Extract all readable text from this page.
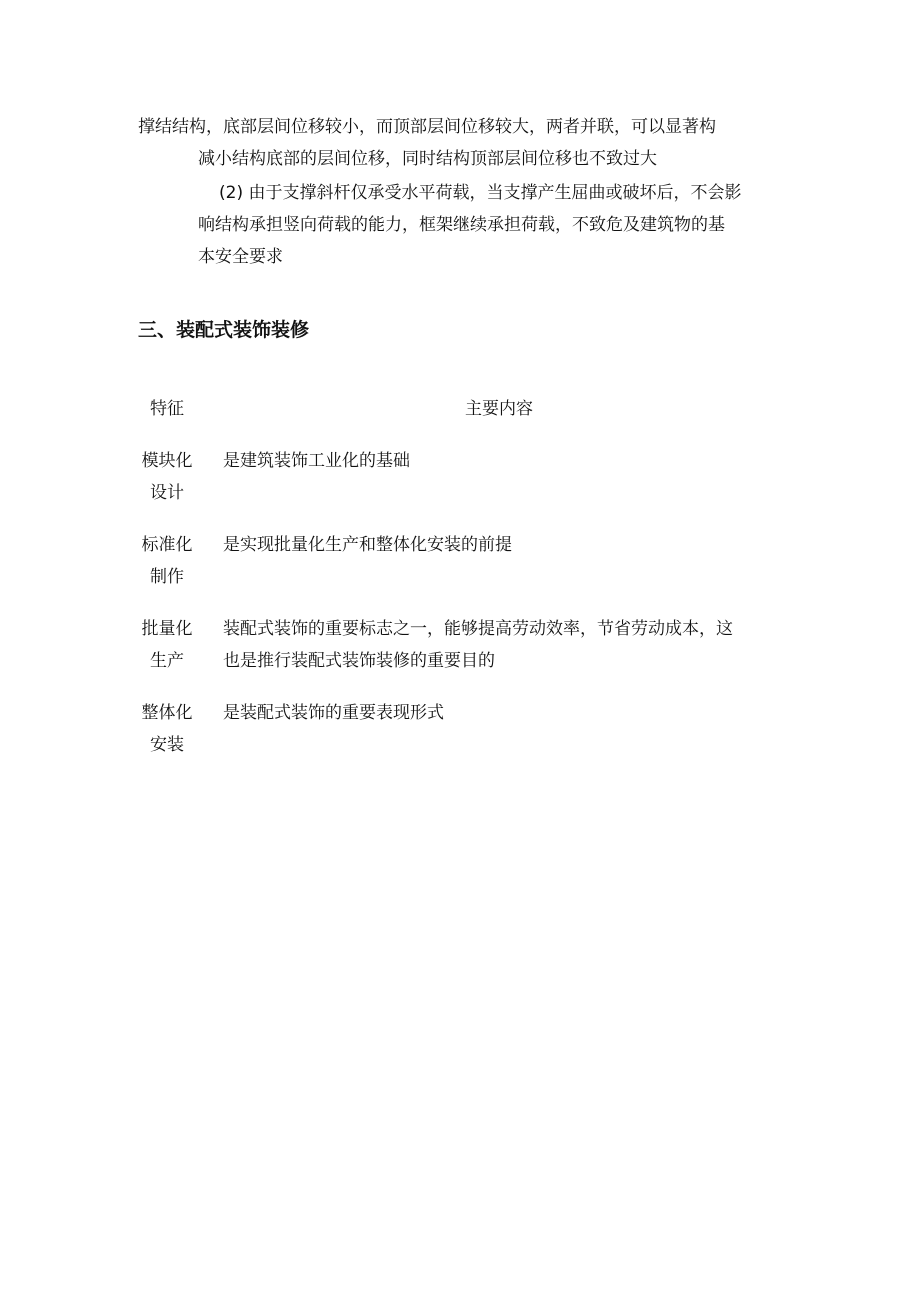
撑结结构，底部层间位移较小，而顶部层间位移较大，两者并联，可以显著构
减小结构底部的层间位移，同时结构顶部层间位移也不致过大
(2) 由于支撑斜杆仅承受水平荷载，当支撑产生屈曲或破坏后，不会影
响结构承担竖向荷载的能力，框架继续承担荷载，不致危及建筑物的基
本安全要求
三、装配式装饰装修
特征	主要内容
模块化
设计
是建筑装饰工业化的基础
标准化
制作
是实现批量化生产和整体化安装的前提
批量化
生产
装配式装饰的重要标志之一，能够提高劳动效率，节省劳动成本，这
也是推行装配式装饰装修的重要目的
整体化
安装
是装配式装饰的重要表现形式
